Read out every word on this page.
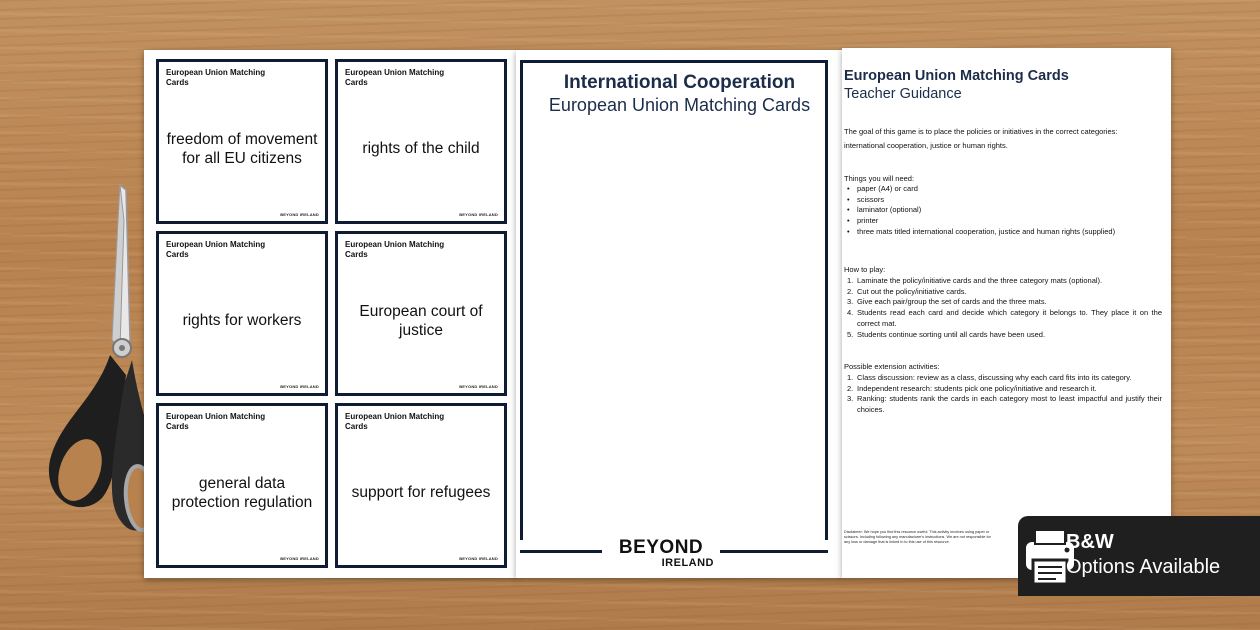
European Union Matching Cards
freedom of movement for all EU citizens
BEYOND IRELAND
European Union Matching Cards
rights of the child
BEYOND IRELAND
European Union Matching Cards
rights for workers
BEYOND IRELAND
European Union Matching Cards
European court of justice
BEYOND IRELAND
European Union Matching Cards
general data protection regulation
BEYOND IRELAND
European Union Matching Cards
support for refugees
BEYOND IRELAND
International Cooperation
European Union Matching Cards
BEYOND
IRELAND
European Union Matching Cards
Teacher Guidance
The goal of this game is to place the policies or initiatives in the correct categories:
international cooperation, justice or human rights.
Things you will need:
• paper (A4) or card
• scissors
• laminator (optional)
• printer
• three mats titled international cooperation, justice and human rights (supplied)
How to play:
1. Laminate the policy/initiative cards and the three category mats (optional).
2. Cut out the policy/initiative cards.
3. Give each pair/group the set of cards and the three mats.
4. Students read each card and decide which category it belongs to. They place it on the correct mat.
5. Students continue sorting until all cards have been used.
Possible extension activities:
1. Class discussion: review as a class, discussing why each card fits into its category.
2. Independent research: students pick one policy/initiative and research it.
3. Ranking: students rank the cards in each category most to least impactful and justify their choices.
Disclaimer: We hope you find this resource useful. This activity involves using paper or scissors. Including following any manufacturer's instructions. We are not responsible for any loss or damage that is linked in to this use of this resource.	B&W
Options Available
